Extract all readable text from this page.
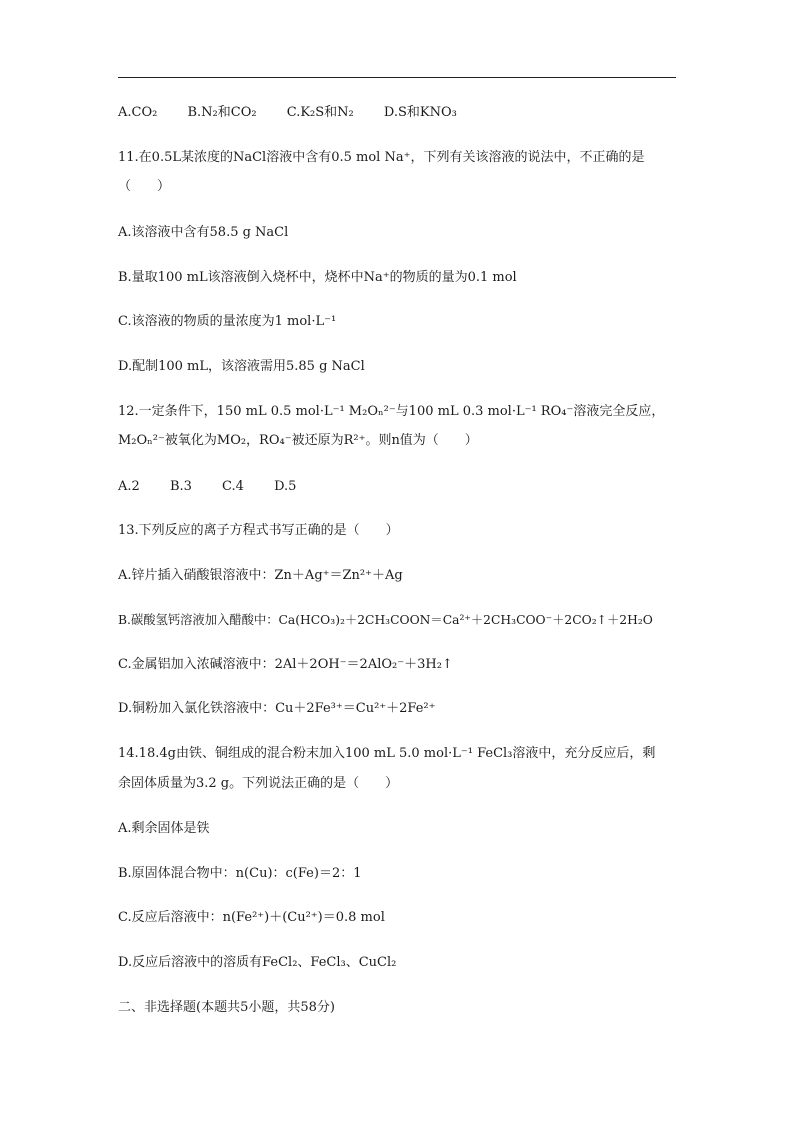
A.CO₂ B.N₂和CO₂ C.K₂S和N₂ D.S和KNO₃
11.在0.5L某浓度的NaCl溶液中含有0.5 mol Na⁺，下列有关该溶液的说法中，不正确的是
（　　）
A.该溶液中含有58.5 g NaCl
B.量取100 mL该溶液倒入烧杯中，烧杯中Na⁺的物质的量为0.1 mol
C.该溶液的物质的量浓度为1 mol·L⁻¹
D.配制100 mL，该溶液需用5.85 g NaCl
12.一定条件下，150 mL 0.5 mol·L⁻¹ M₂Oₙ²⁻与100 mL 0.3 mol·L⁻¹ RO₄⁻溶液完全反应，
M₂Oₙ²⁻被氧化为MO₂，RO₄⁻被还原为R²⁺。则n值为（　　）
A.2 B.3 C.4 D.5
13.下列反应的离子方程式书写正确的是（　　）
A.锌片插入硝酸银溶液中：Zn＋Ag⁺＝Zn²⁺＋Ag
B.碳酸氢钙溶液加入醋酸中：Ca(HCO₃)₂＋2CH₃COON＝Ca²⁺＋2CH₃COO⁻＋2CO₂↑＋2H₂O
C.金属铝加入浓碱溶液中：2Al＋2OH⁻＝2AlO₂⁻＋3H₂↑
D.铜粉加入氯化铁溶液中：Cu＋2Fe³⁺＝Cu²⁺＋2Fe²⁺
14.18.4g由铁、铜组成的混合粉末加入100 mL 5.0 mol·L⁻¹ FeCl₃溶液中，充分反应后，剩
余固体质量为3.2 g。下列说法正确的是（　　）
A.剩余固体是铁
B.原固体混合物中：n(Cu)：c(Fe)＝2：1
C.反应后溶液中：n(Fe²⁺)＋(Cu²⁺)＝0.8 mol
D.反应后溶液中的溶质有FeCl₂、FeCl₃、CuCl₂
二、非选择题(本题共5小题，共58分)
